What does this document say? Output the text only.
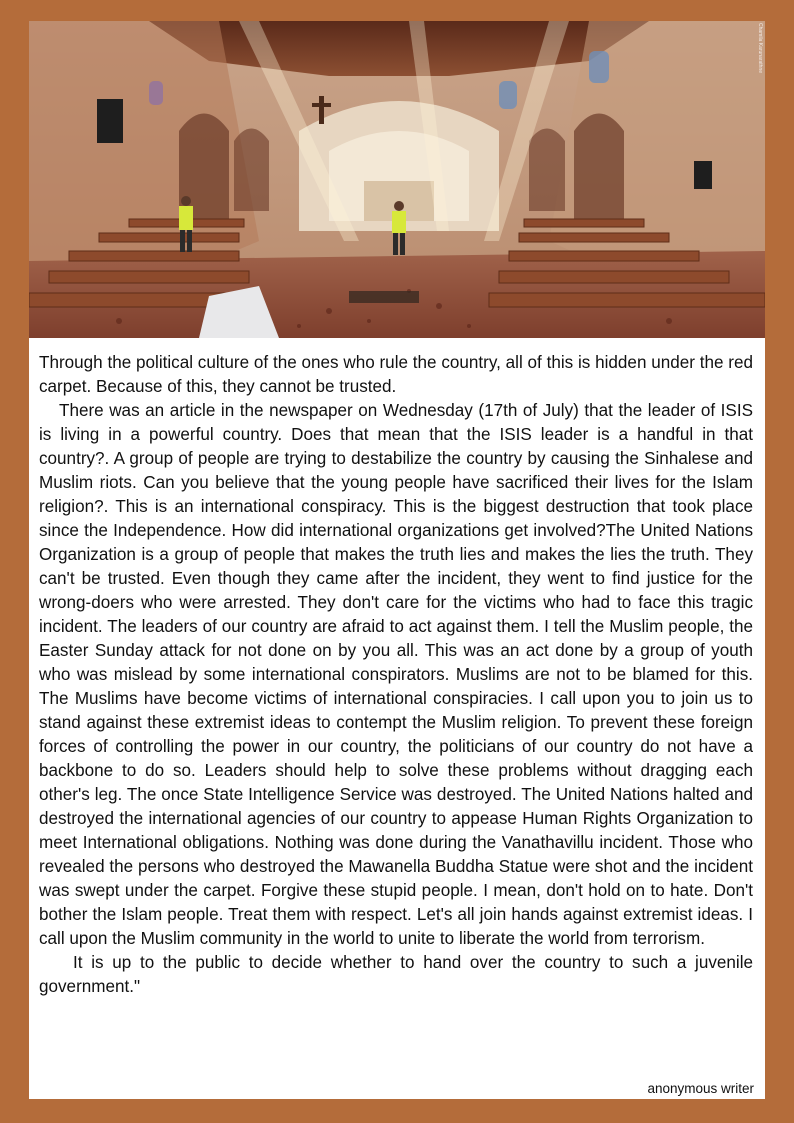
Chamila Karunarathne

Through the political culture of the ones who rule the country, all of this is hidden under the red carpet. Because of this, they cannot be trusted.

There was an article in the newspaper on Wednesday (17th of July) that the leader of ISIS is living in a powerful country. Does that mean that the ISIS leader is a handful in that country?. A group of people are trying to destabilize the country by causing the Sinhalese and Muslim riots. Can you believe that the young people have sacrificed their lives for the Islam religion?. This is an international conspiracy. This is the biggest destruction that took place since the Independence. How did international organizations get involved?The United Nations Organization is a group of people that makes the truth lies and makes the lies the truth. They can't be trusted. Even though they came after the incident, they went to find justice for the wrong-doers who were arrested. They don't care for the victims who had to face this tragic incident. The leaders of our country are afraid to act against them. I tell the Muslim people, the Easter Sunday attack for not done on by you all. This was an act done by a group of youth who was mislead by some international conspirators. Muslims are not to be blamed for this. The Muslims have become victims of international conspiracies. I call upon you to join us to stand against these extremist ideas to contempt the Muslim religion. To prevent these foreign forces of controlling the power in our country, the politicians of our country do not have a backbone to do so. Leaders should help to solve these problems without dragging each other's leg. The once State Intelligence Service was destroyed. The United Nations halted and destroyed the international agencies of our country to appease Human Rights Organization to meet International obligations. Nothing was done during the Vanathavillu incident. Those who revealed the persons who destroyed the Mawanella Buddha Statue were shot and the incident was swept under the carpet. Forgive these stupid people. I mean, don't hold on to hate. Don't bother the Islam people. Treat them with respect. Let's all join hands against extremist ideas. I call upon the Muslim community in the world to unite to liberate the world from terrorism.

It is up to the public to decide whether to hand over the country to such a juvenile government."

anonymous writer
